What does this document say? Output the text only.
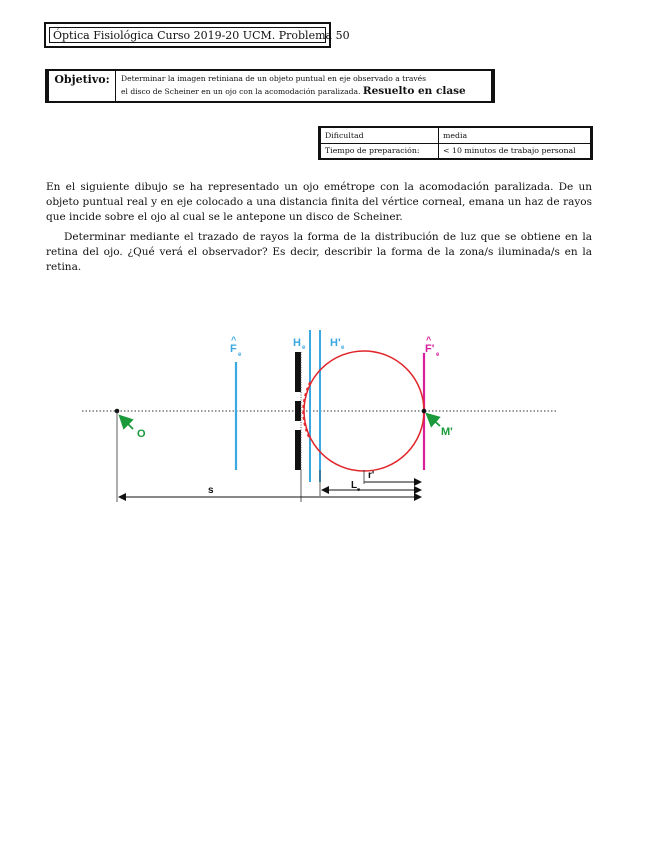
Óptica Fisiológica Curso 2019-20 UCM. Problema 50
Objetivo:	Determinar la imagen retiniana de un objeto puntual en eje observado a través
el disco de Scheiner en un ojo con la acomodación paralizada. Resuelto en clase
Dificultad	media
Tiempo de preparación:	< 10 minutos de trabajo personal
En el siguiente dibujo se ha representado un ojo emétrope con la acomodación paralizada. De un objeto puntual real y en eje colocado a una distancia finita del vértice corneal, emana un haz de rayos que incide sobre el ojo al cual se le antepone un disco de Scheiner.
Determinar mediante el trazado de rayos la forma de la distribución de luz que se obtiene en la retina del ojo. ¿Qué verá el observador? Es decir, describir la forma de la zona/s iluminada/s en la retina.
F
^
e
H e H' e	F'
^
e
O	M'
s
r'
L e
